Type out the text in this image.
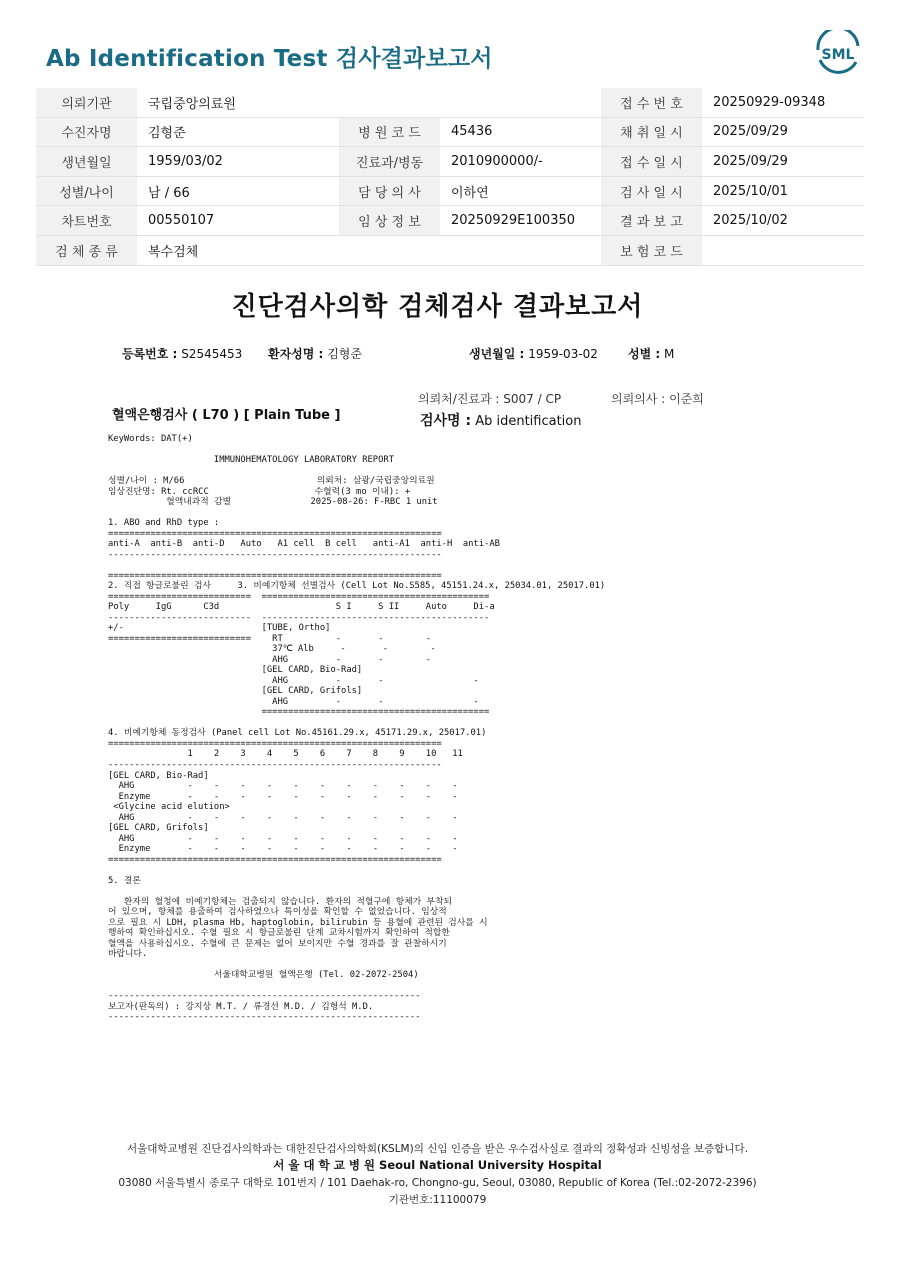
Ab Identification Test 검사결과보고서	SML
의뢰기관	국립중앙의료원			접 수 번 호	20250929-09348
수진자명	김형준	병 원 코 드	45436	채 취 일 시	2025/09/29
생년월일	1959/03/02	진료과/병동	2010900000/-	접 수 일 시	2025/09/29
성별/나이	남 / 66	담 당 의 사	이하연	검 사 일 시	2025/10/01
차트번호	00550107	임 상 정 보	20250929E100350	결 과 보 고	2025/10/02
검 체 종 류	복수검체			보 험 코 드	
진단검사의학 검체검사 결과보고서
등록번호 : S2545453 환자성명 : 김형준	생년월일 : 1959-03-02	성별 : M
의뢰처/진료과 : S007 / CP	의뢰의사 : 이준희
혈액은행검사 ( L70 ) [ Plain Tube ]	검사명 : Ab identification
KeyWords: DAT(+)

IMMUNOHEMATOLOGY LABORATORY REPORT

성별/나이 : M/66                         의뢰처: 삼광/국립중앙의료원
임상진단명: Rt. ccRCC                    수혈력(3 mo 이내): +
혈액내과적 감별               2025-08-26: F-RBC 1 unit

1. ABO and RhD type :
===============================================================
anti-A  anti-B  anti-D   Auto   A1 cell  B cell   anti-A1  anti-H  anti-AB
---------------------------------------------------------------

===============================================================
2. 직접 항글로불린 검사     3. 비예기항체 선별검사 (Cell Lot No.S585, 45151.24.x, 25034.01, 25017.01)
===========================  ===========================================
Poly     IgG      C3d                      S I     S II     Auto     Di-a
---------------------------  -------------------------------------------
+/-                          [TUBE, Ortho]
===========================    RT          -       -        -
37℃ Alb     -       -        -
AHG         -       -        -
[GEL CARD, Bio-Rad]
AHG         -       -                 -
[GEL CARD, Grifols]
AHG         -       -                 -
===========================================

4. 비예기항체 동정검사 (Panel cell Lot No.45161.29.x, 45171.29.x, 25017.01)
===============================================================
1    2    3    4    5    6    7    8    9    10   11
---------------------------------------------------------------
[GEL CARD, Bio-Rad]
AHG          -    -    -    -    -    -    -    -    -    -    -
Enzyme       -    -    -    -    -    -    -    -    -    -    -
<Glycine acid elution>
AHG          -    -    -    -    -    -    -    -    -    -    -
[GEL CARD, Grifols]
AHG          -    -    -    -    -    -    -    -    -    -    -
Enzyme       -    -    -    -    -    -    -    -    -    -    -
===============================================================

5. 결론

환자의 혈청에 비예기항체는 검출되지 않습니다. 환자의 적혈구에 항체가 부착되
어 있으며, 항체를 용출하여 검사하였으나 특이성을 확인할 수 없었습니다. 임상적
으로 필요 시 LDH, plasma Hb, haptoglobin, bilirubin 등 용혈에 관련된 검사를 시
행하여 확인하십시오. 수혈 필요 시 항글로불린 단계 교차시험까지 확인하여 적합한
혈액을 사용하십시오. 수혈에 큰 문제는 없어 보이지만 수혈 경과를 잘 관찰하시기
바랍니다.

서울대학교병원 혈액은행 (Tel. 02-2072-2504)

-----------------------------------------------------------
보고자(판독의) : 강지상 M.T. / 류경선 M.D. / 김형석 M.D.
-----------------------------------------------------------
서울대학교병원 진단검사의학과는 대한진단검사의학회(KSLM)의 신임 인증을 받은 우수검사실로 결과의 정확성과 신빙성을 보증합니다.
서 울 대 학 교 병 원 Seoul National University Hospital
03080 서울특별시 종로구 대학로 101번지 / 101 Daehak-ro, Chongno-gu, Seoul, 03080, Republic of Korea (Tel.:02-2072-2396)
기관번호:11100079
